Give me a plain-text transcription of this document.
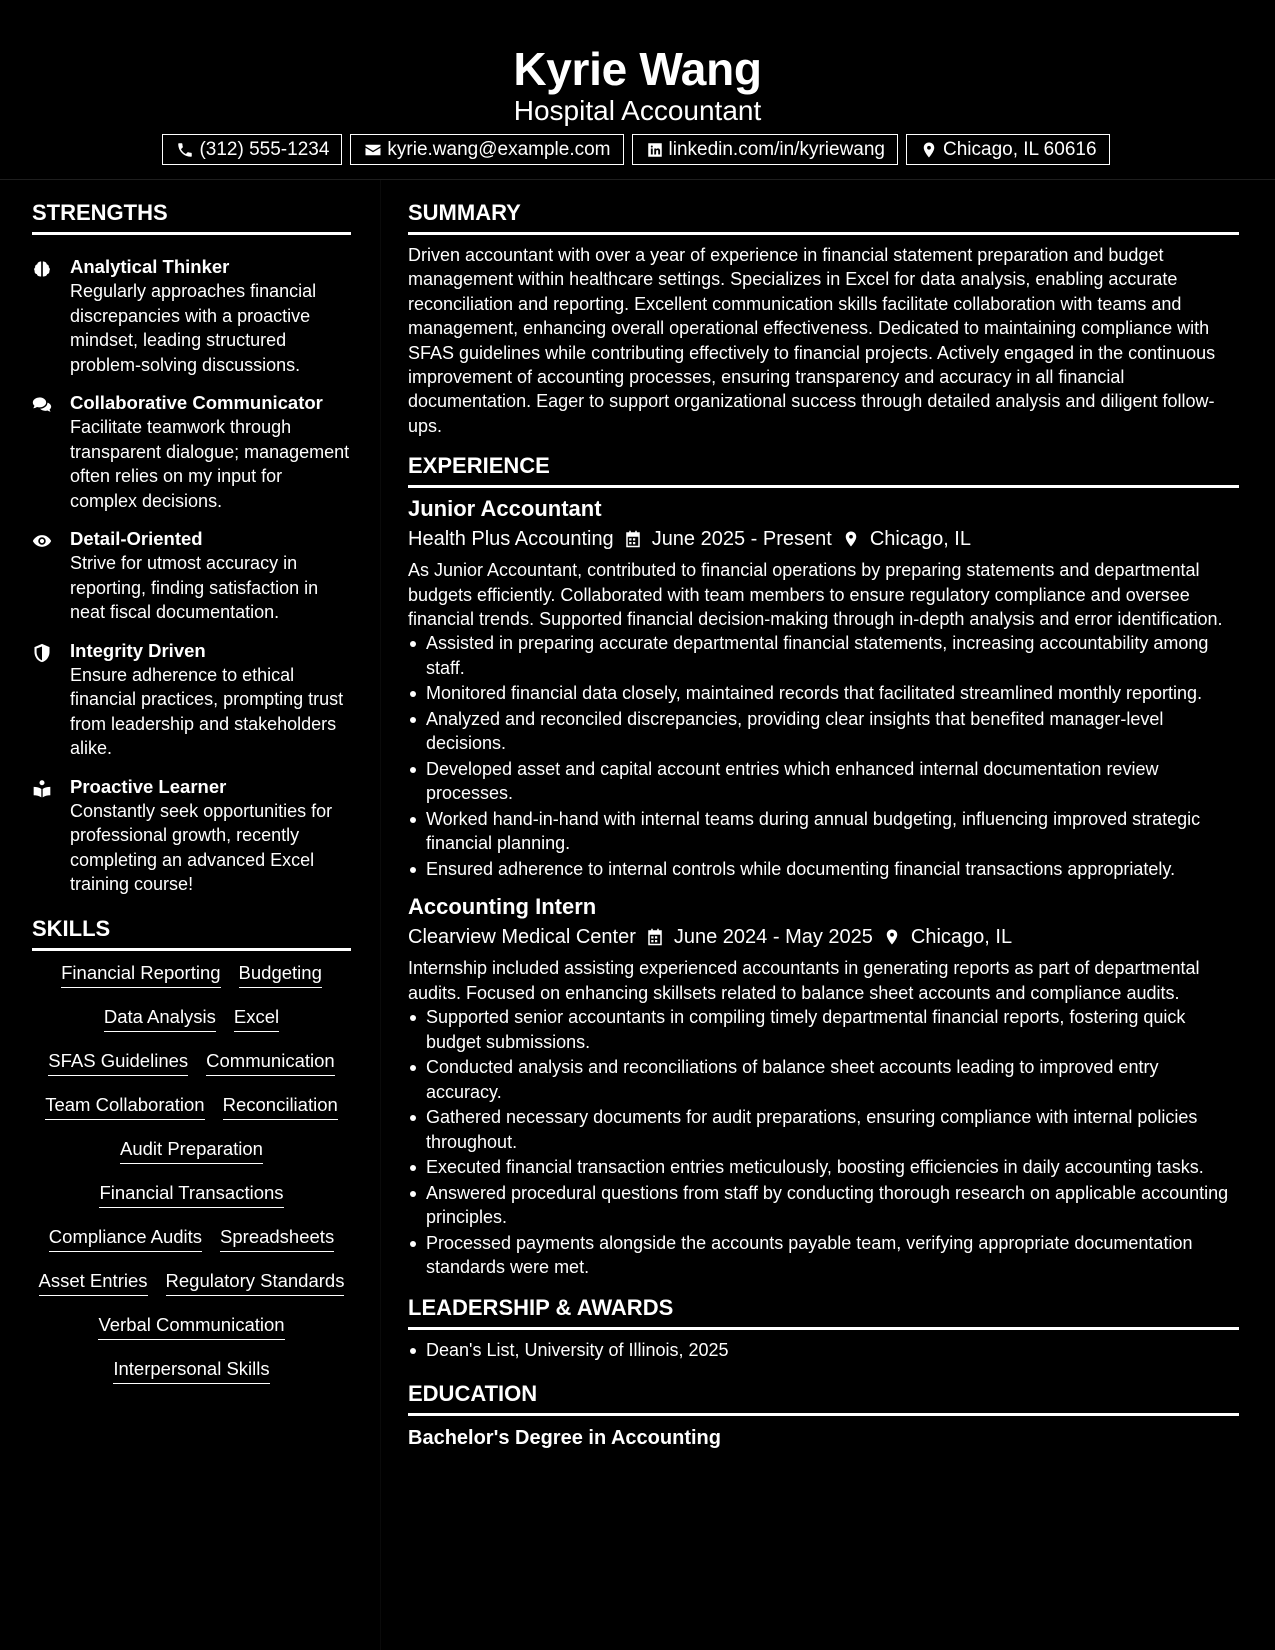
Kyrie Wang
Hospital Accountant
(312) 555-1234	kyrie.wang@example.com	linkedin.com/in/kyriewang	Chicago, IL 60616
STRENGTHS
Analytical Thinker
Regularly approaches financial discrepancies with a proactive mindset, leading structured problem-solving discussions.
Collaborative Communicator
Facilitate teamwork through transparent dialogue; management often relies on my input for complex decisions.
Detail-Oriented
Strive for utmost accuracy in reporting, finding satisfaction in neat fiscal documentation.
Integrity Driven
Ensure adherence to ethical financial practices, prompting trust from leadership and stakeholders alike.
Proactive Learner
Constantly seek opportunities for professional growth, recently completing an advanced Excel training course!
SKILLS
Financial Reporting Budgeting
Data Analysis Excel
SFAS Guidelines Communication
Team Collaboration Reconciliation
Audit Preparation
Financial Transactions
Compliance Audits Spreadsheets
Asset Entries Regulatory Standards
Verbal Communication
Interpersonal Skills
SUMMARY
Driven accountant with over a year of experience in financial statement preparation and budget management within healthcare settings. Specializes in Excel for data analysis, enabling accurate reconciliation and reporting. Excellent communication skills facilitate collaboration with teams and management, enhancing overall operational effectiveness. Dedicated to maintaining compliance with SFAS guidelines while contributing effectively to financial projects. Actively engaged in the continuous improvement of accounting processes, ensuring transparency and accuracy in all financial documentation. Eager to support organizational success through detailed analysis and diligent follow-ups.
EXPERIENCE
Junior Accountant
Health Plus Accounting June 2025 - Present Chicago, IL
As Junior Accountant, contributed to financial operations by preparing statements and departmental budgets efficiently. Collaborated with team members to ensure regulatory compliance and oversee financial trends. Supported financial decision-making through in-depth analysis and error identification.
Assisted in preparing accurate departmental financial statements, increasing accountability among staff.
Monitored financial data closely, maintained records that facilitated streamlined monthly reporting.
Analyzed and reconciled discrepancies, providing clear insights that benefited manager-level decisions.
Developed asset and capital account entries which enhanced internal documentation review processes.
Worked hand-in-hand with internal teams during annual budgeting, influencing improved strategic financial planning.
Ensured adherence to internal controls while documenting financial transactions appropriately.
Accounting Intern
Clearview Medical Center June 2024 - May 2025 Chicago, IL
Internship included assisting experienced accountants in generating reports as part of departmental audits. Focused on enhancing skillsets related to balance sheet accounts and compliance audits.
Supported senior accountants in compiling timely departmental financial reports, fostering quick budget submissions.
Conducted analysis and reconciliations of balance sheet accounts leading to improved entry accuracy.
Gathered necessary documents for audit preparations, ensuring compliance with internal policies throughout.
Executed financial transaction entries meticulously, boosting efficiencies in daily accounting tasks.
Answered procedural questions from staff by conducting thorough research on applicable accounting principles.
Processed payments alongside the accounts payable team, verifying appropriate documentation standards were met.
LEADERSHIP & AWARDS
Dean's List, University of Illinois, 2025
EDUCATION
Bachelor's Degree in Accounting
